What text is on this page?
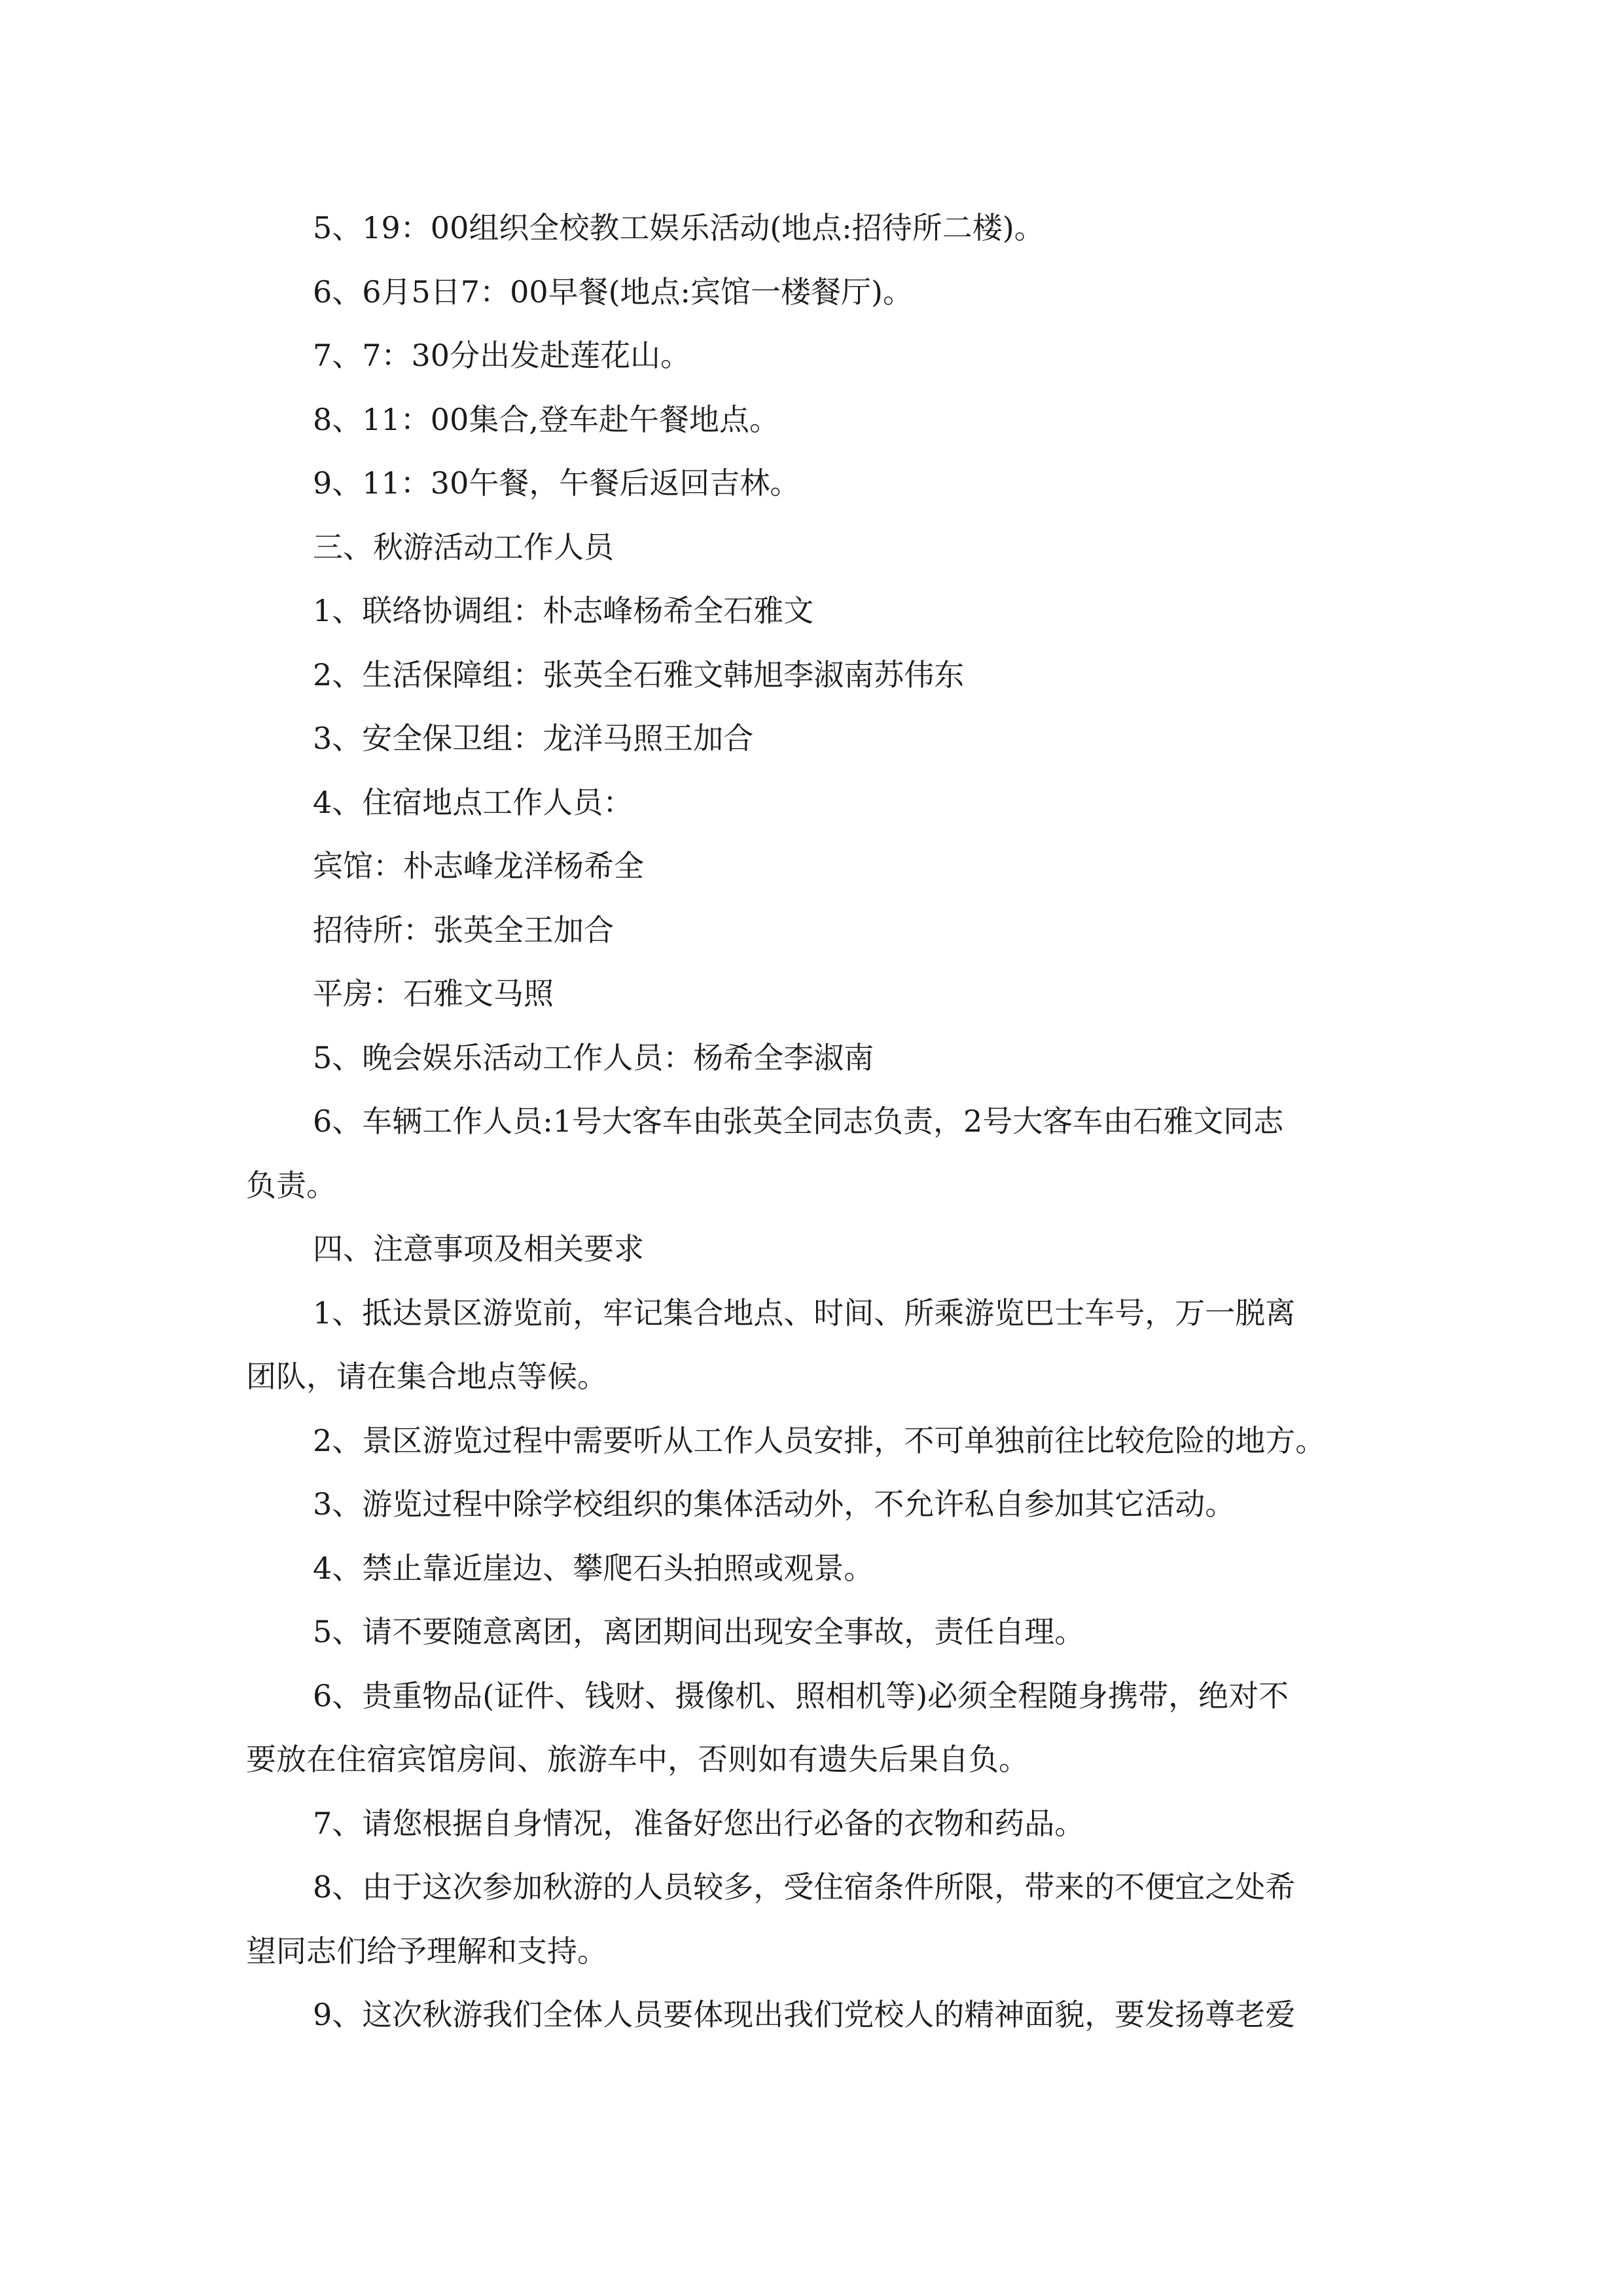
5、19：00组织全校教工娱乐活动(地点:招待所二楼)。
6、6月5日7：00早餐(地点:宾馆一楼餐厅)。
7、7：30分出发赴莲花山。
8、11：00集合,登车赴午餐地点。
9、11：30午餐，午餐后返回吉林。
三、秋游活动工作人员
1、联络协调组：朴志峰杨希全石雅文
2、生活保障组：张英全石雅文韩旭李淑南苏伟东
3、安全保卫组：龙洋马照王加合
4、住宿地点工作人员：
宾馆：朴志峰龙洋杨希全
招待所：张英全王加合
平房：石雅文马照
5、晚会娱乐活动工作人员：杨希全李淑南
6、车辆工作人员:1号大客车由张英全同志负责，2号大客车由石雅文同志
负责。
四、注意事项及相关要求
1、抵达景区游览前，牢记集合地点、时间、所乘游览巴士车号，万一脱离
团队，请在集合地点等候。
2、景区游览过程中需要听从工作人员安排，不可单独前往比较危险的地方。
3、游览过程中除学校组织的集体活动外，不允许私自参加其它活动。
4、禁止靠近崖边、攀爬石头拍照或观景。
5、请不要随意离团，离团期间出现安全事故，责任自理。
6、贵重物品(证件、钱财、摄像机、照相机等)必须全程随身携带，绝对不
要放在住宿宾馆房间、旅游车中，否则如有遗失后果自负。
7、请您根据自身情况，准备好您出行必备的衣物和药品。
8、由于这次参加秋游的人员较多，受住宿条件所限，带来的不便宜之处希
望同志们给予理解和支持。
9、这次秋游我们全体人员要体现出我们党校人的精神面貌，要发扬尊老爱
